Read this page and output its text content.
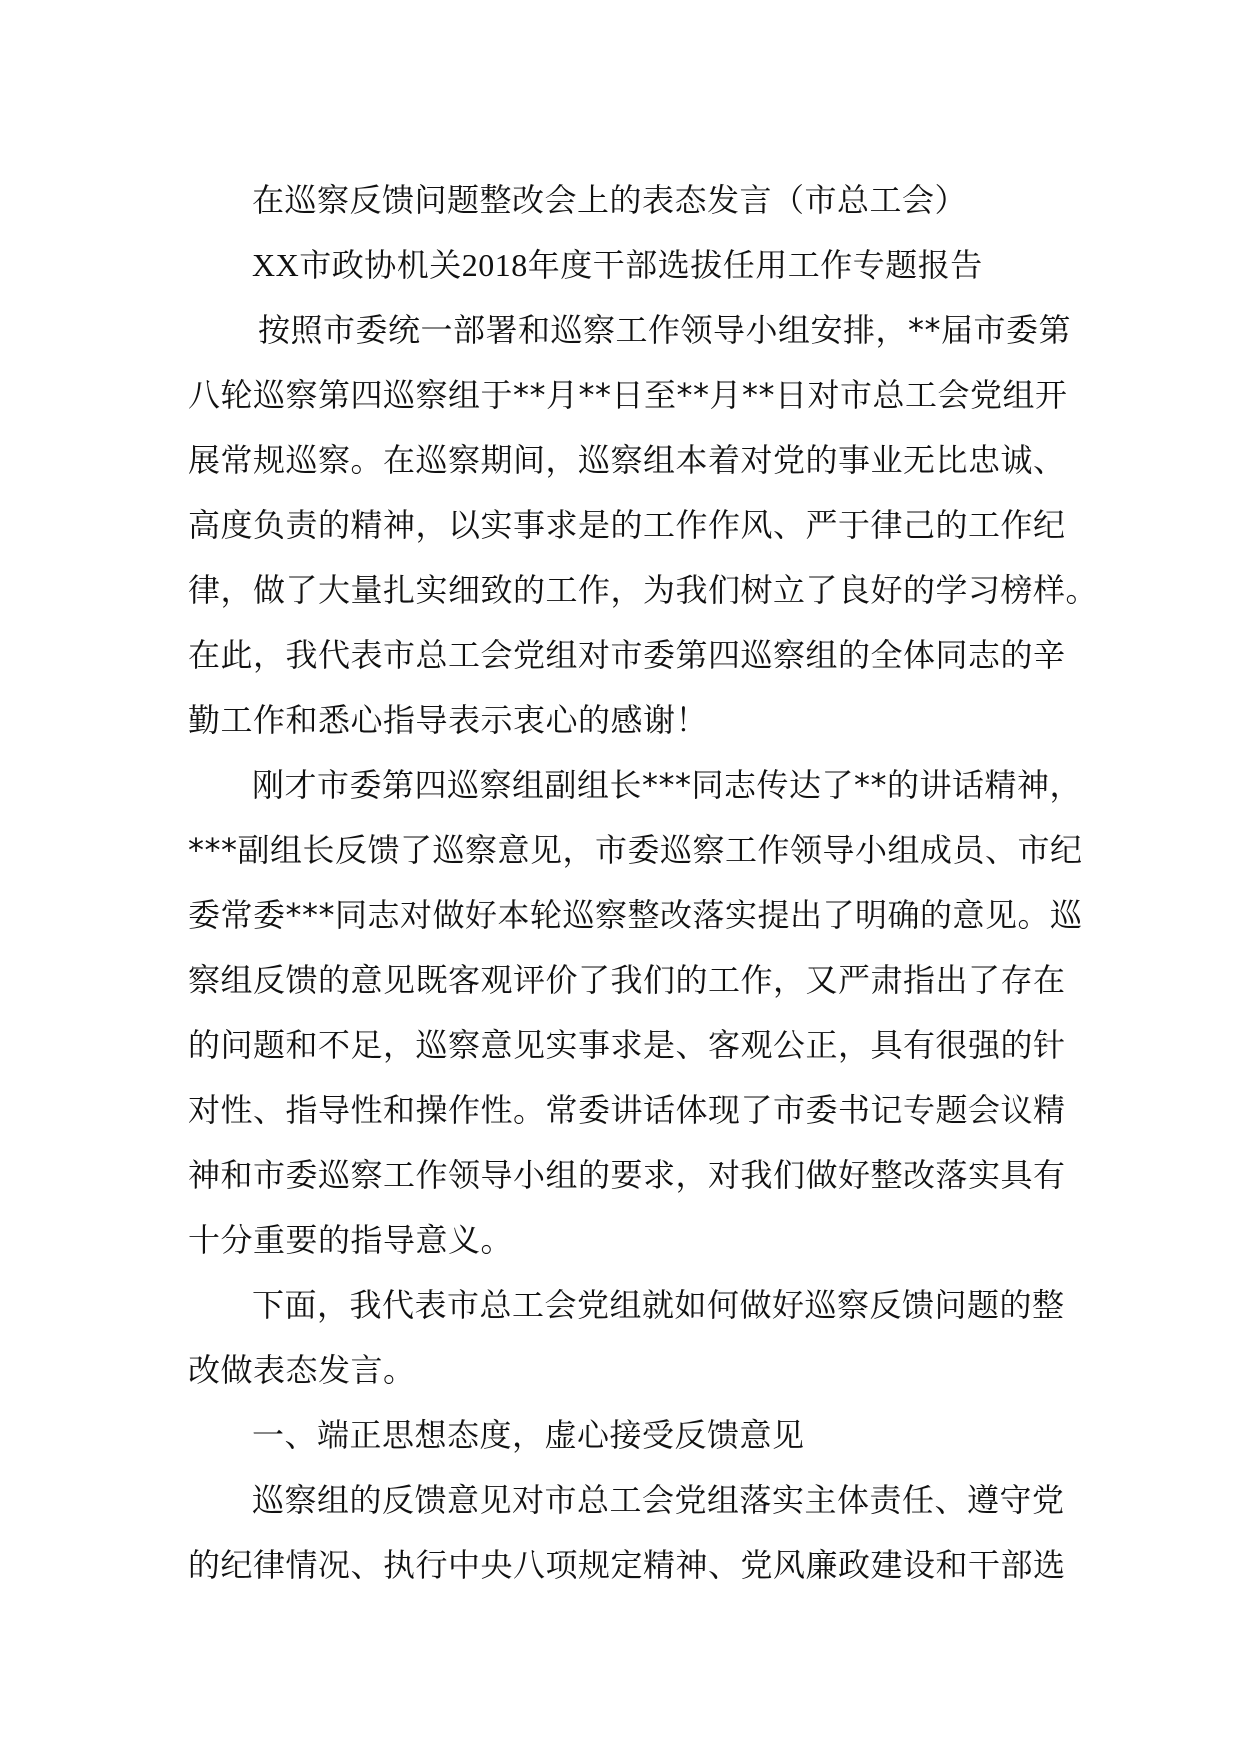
在巡察反馈问题整改会上的表态发言（市总工会）

XX市政协机关2018年度干部选拔任用工作专题报告

按照市委统一部署和巡察工作领导小组安排，**届市委第

八轮巡察第四巡察组于**月**日至**月**日对市总工会党组开

展常规巡察。在巡察期间，巡察组本着对党的事业无比忠诚、

高度负责的精神，以实事求是的工作作风、严于律己的工作纪

律，做了大量扎实细致的工作，为我们树立了良好的学习榜样。

在此，我代表市总工会党组对市委第四巡察组的全体同志的辛

勤工作和悉心指导表示衷心的感谢！

刚才市委第四巡察组副组长***同志传达了**的讲话精神，

***副组长反馈了巡察意见，市委巡察工作领导小组成员、市纪

委常委***同志对做好本轮巡察整改落实提出了明确的意见。巡

察组反馈的意见既客观评价了我们的工作，又严肃指出了存在

的问题和不足，巡察意见实事求是、客观公正，具有很强的针

对性、指导性和操作性。常委讲话体现了市委书记专题会议精

神和市委巡察工作领导小组的要求，对我们做好整改落实具有

十分重要的指导意义。

下面，我代表市总工会党组就如何做好巡察反馈问题的整

改做表态发言。

一、端正思想态度，虚心接受反馈意见

巡察组的反馈意见对市总工会党组落实主体责任、遵守党

的纪律情况、执行中央八项规定精神、党风廉政建设和干部选
